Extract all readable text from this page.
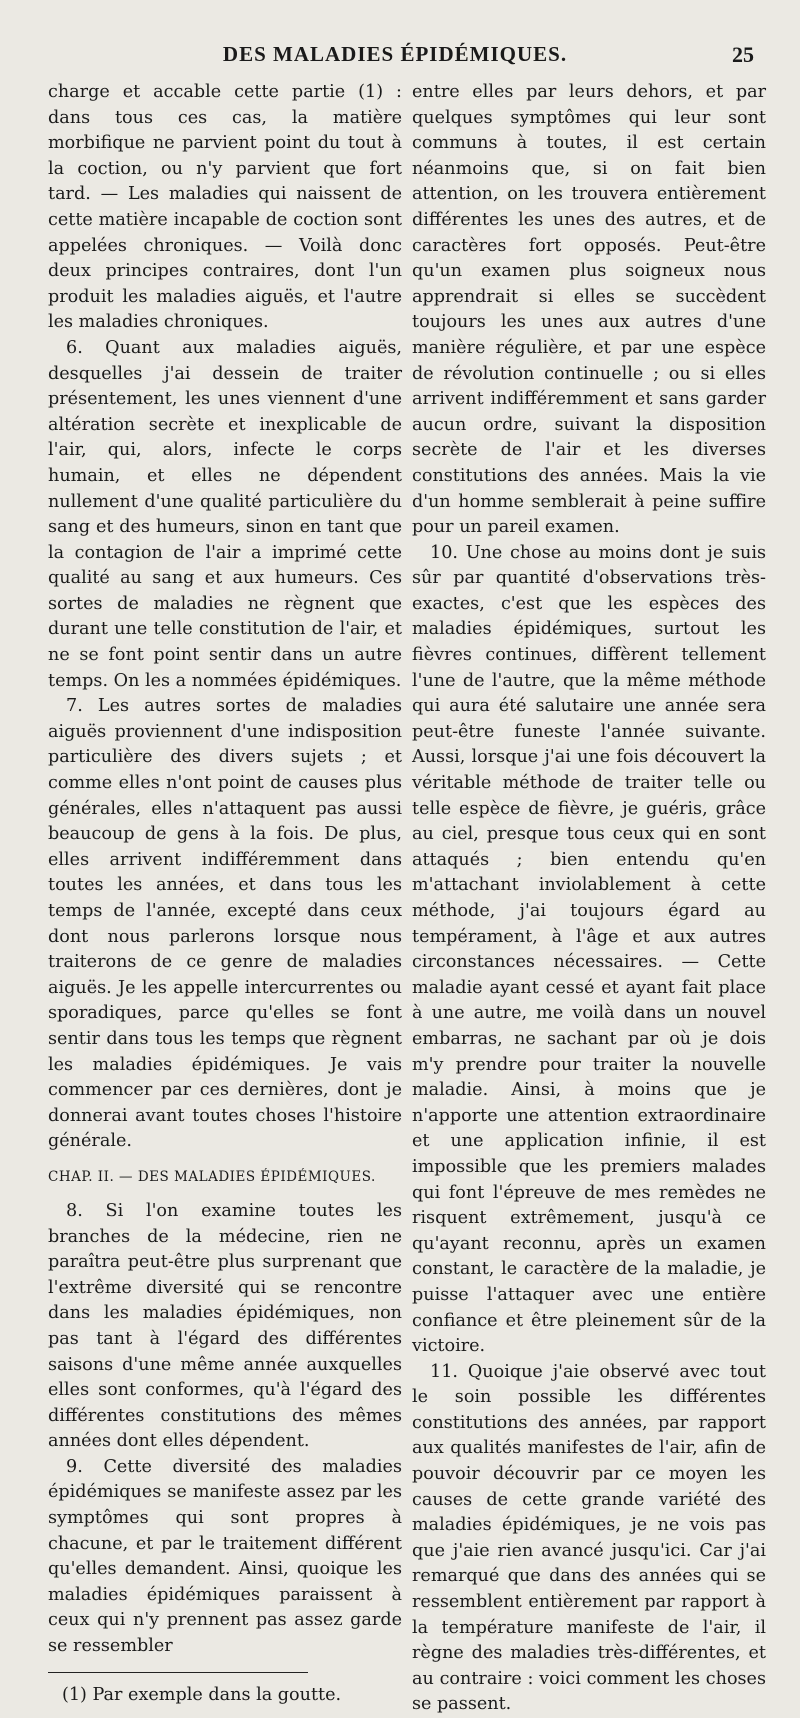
DES MALADIES ÉPIDÉMIQUES.	25

charge et accable cette partie (1) : dans tous ces cas, la matière morbifique ne parvient point du tout à la coction, ou n'y parvient que fort tard. — Les maladies qui naissent de cette matière incapable de coction sont appelées chroniques. — Voilà donc deux principes contraires, dont l'un produit les maladies aiguës, et l'autre les maladies chroniques.

6. Quant aux maladies aiguës, desquelles j'ai dessein de traiter présentement, les unes viennent d'une altération secrète et inexplicable de l'air, qui, alors, infecte le corps humain, et elles ne dépendent nullement d'une qualité particulière du sang et des humeurs, sinon en tant que la contagion de l'air a imprimé cette qualité au sang et aux humeurs. Ces sortes de maladies ne règnent que durant une telle constitution de l'air, et ne se font point sentir dans un autre temps. On les a nommées épidémiques.

7. Les autres sortes de maladies aiguës proviennent d'une indisposition particulière des divers sujets ; et comme elles n'ont point de causes plus générales, elles n'attaquent pas aussi beaucoup de gens à la fois. De plus, elles arrivent indifféremment dans toutes les années, et dans tous les temps de l'année, excepté dans ceux dont nous parlerons lorsque nous traiterons de ce genre de maladies aiguës. Je les appelle intercurrentes ou sporadiques, parce qu'elles se font sentir dans tous les temps que règnent les maladies épidémiques. Je vais commencer par ces dernières, dont je donnerai avant toutes choses l'histoire générale.

CHAP. II. — DES MALADIES ÉPIDÉMIQUES.

8. Si l'on examine toutes les branches de la médecine, rien ne paraîtra peut-être plus surprenant que l'extrême diversité qui se rencontre dans les maladies épidémiques, non pas tant à l'égard des différentes saisons d'une même année auxquelles elles sont conformes, qu'à l'égard des différentes constitutions des mêmes années dont elles dépendent.

9. Cette diversité des maladies épidémiques se manifeste assez par les symptômes qui sont propres à chacune, et par le traitement différent qu'elles demandent. Ainsi, quoique les maladies épidémiques paraissent à ceux qui n'y prennent pas assez garde se ressembler

(1) Par exemple dans la goutte.

entre elles par leurs dehors, et par quelques symptômes qui leur sont communs à toutes, il est certain néanmoins que, si on fait bien attention, on les trouvera entièrement différentes les unes des autres, et de caractères fort opposés. Peut-être qu'un examen plus soigneux nous apprendrait si elles se succèdent toujours les unes aux autres d'une manière régulière, et par une espèce de révolution continuelle ; ou si elles arrivent indifféremment et sans garder aucun ordre, suivant la disposition secrète de l'air et les diverses constitutions des années. Mais la vie d'un homme semblerait à peine suffire pour un pareil examen.

10. Une chose au moins dont je suis sûr par quantité d'observations très-exactes, c'est que les espèces des maladies épidémiques, surtout les fièvres continues, diffèrent tellement l'une de l'autre, que la même méthode qui aura été salutaire une année sera peut-être funeste l'année suivante. Aussi, lorsque j'ai une fois découvert la véritable méthode de traiter telle ou telle espèce de fièvre, je guéris, grâce au ciel, presque tous ceux qui en sont attaqués ; bien entendu qu'en m'attachant inviolablement à cette méthode, j'ai toujours égard au tempérament, à l'âge et aux autres circonstances nécessaires. — Cette maladie ayant cessé et ayant fait place à une autre, me voilà dans un nouvel embarras, ne sachant par où je dois m'y prendre pour traiter la nouvelle maladie. Ainsi, à moins que je n'apporte une attention extraordinaire et une application infinie, il est impossible que les premiers malades qui font l'épreuve de mes remèdes ne risquent extrêmement, jusqu'à ce qu'ayant reconnu, après un examen constant, le caractère de la maladie, je puisse l'attaquer avec une entière confiance et être pleinement sûr de la victoire.

11. Quoique j'aie observé avec tout le soin possible les différentes constitutions des années, par rapport aux qualités manifestes de l'air, afin de pouvoir découvrir par ce moyen les causes de cette grande variété des maladies épidémiques, je ne vois pas que j'aie rien avancé jusqu'ici. Car j'ai remarqué que dans des années qui se ressemblent entièrement par rapport à la température manifeste de l'air, il règne des maladies très-différentes, et au contraire : voici comment les choses se passent.
